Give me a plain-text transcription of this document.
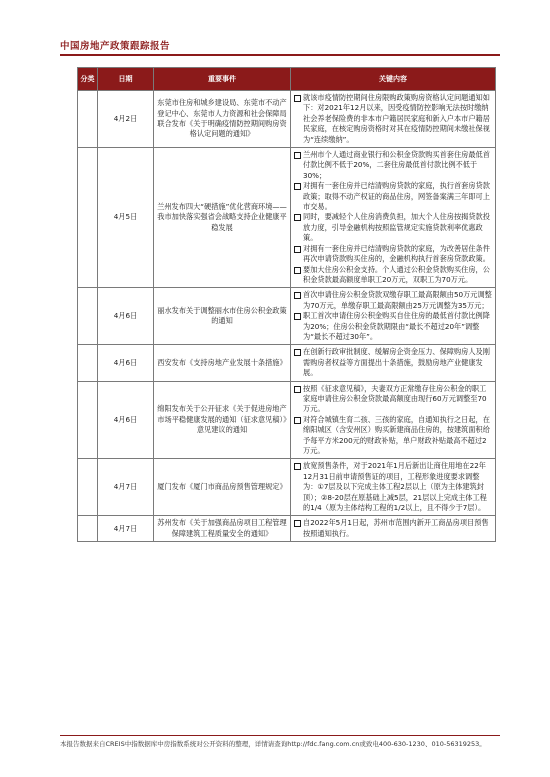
中国房地产政策跟踪报告
分类	日期	重要事件	关键内容
	4月2日	东莞市住房和城乡建设局、东莞市不动产登记中心、东莞市人力资源和社会保障局联合发布《关于明确疫情防控期间购房资格认定问题的通知》	就该市疫情防控期间住房限购政策购房资格认定问题通知如下：对2021年12月以来，因受疫情防控影响无法按时缴纳社会养老保险费的非本市户籍居民家庭和新入户本市户籍居民家庭，在核定购房资格时对其在疫情防控期间未缴社保视为“连续缴纳”。

	4月5日	兰州发布四大“硬措施”优化营商环境——我市加快落实强省会战略支持企业健康平稳发展	兰州市个人通过商业银行和公积金贷款购买首套住房最低首付款比例不低于20%，二套住房最低首付款比例不低于30%；
对拥有一套住房并已结清购房贷款的家庭，执行首套房贷款政策；取得不动产权证的商品住房，网签备案满三年即可上市交易。
同时，要减轻个人住房消费负担，加大个人住房按揭贷款投放力度，引导金融机构按照监管规定实施贷款利率优惠政策。
对拥有一套住房并已结清购房贷款的家庭，为改善居住条件再次申请贷款购买住房的，金融机构执行首套房贷款政策。
要加大住房公积金支持。个人通过公积金贷款购买住房，公积金贷款最高额度单职工20万元，双职工为70万元。

	4月6日	丽水发布关于调整丽水市住房公积金政策的通知	首次申请住房公积金贷款双缴存职工最高限额由50万元调整为70万元，单缴存职工最高限额由25万元调整为35万元；
职工首次申请住房公积金购买自住住房的最低首付款比例降为20%；住房公积金贷款期限由“最长不超过20年”调整为“最长不超过30年”。

	4月6日	西安发布《支持房地产业发展十条措施》	在创新行政审批制度、缓解房企资金压力、保障购房人及刚需购房者权益等方面提出十条措施，鼓励房地产业健康发展。

	4月6日	绵阳发布关于公开征求《关于促进房地产市场平稳健康发展的通知（征求意见稿）》意见建议的通知	按照《征求意见稿》，夫妻双方正常缴存住房公积金的职工家庭申请住房公积金贷款最高额度由现行60万元调整至70万元。
对符合城镇生育二孩、三孩的家庭，自通知执行之日起，在绵阳城区（含安州区）购买新建商品住房的，按建筑面积给予每平方米200元的财政补贴，单户财政补贴最高不超过2万元。

	4月7日	厦门发布《厦门市商品房预售管理规定》	放宽预售条件，对于2021年1月后新出让商住用地在22年12月31日前申请预售证的项目，工程形象进度要求调整为：①7层及以下完成主体工程2层以上（原为主体建筑封顶）；②8-20层在原基础上减5层，21层以上完成主体工程的1/4（原为主体结构工程的1/2以上，且不得少于7层）。

	4月7日	苏州发布《关于加强商品房项目工程管理保障建筑工程质量安全的通知》	自2022年5月1日起，苏州市范围内新开工商品房项目预售按照通知执行。
本报告数据来自CREIS中指数据库中房指数系统对公开资料的整理，详情请查询http://fdc.fang.com.cn或致电400-630-1230、010-56319253。
